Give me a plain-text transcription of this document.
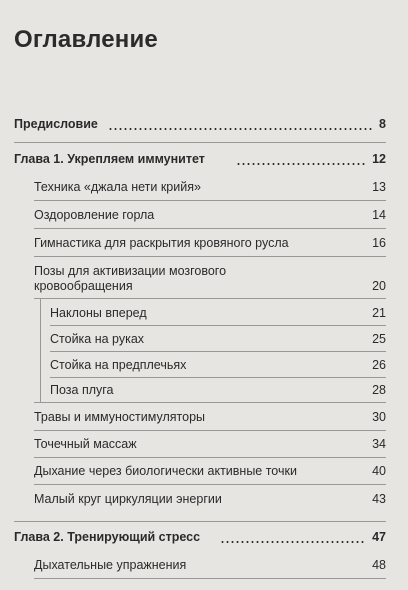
Оглавление
Предисловие	8
Глава 1. Укрепляем иммунитет	12
Техника «джала нети крийя»	13
Оздоровление горла	14
Гимнастика для раскрытия кровяного русла	16
Позы для активизации мозгового
кровообращения	20
Наклоны вперед	21
Стойка на руках	25
Стойка на предплечьях	26
Поза плуга	28
Травы и иммуностимуляторы	30
Точечный массаж	34
Дыхание через биологически активные точки	40
Малый круг циркуляции энергии	43
Глава 2. Тренирующий стресс	47
Дыхательные упражнения	48
